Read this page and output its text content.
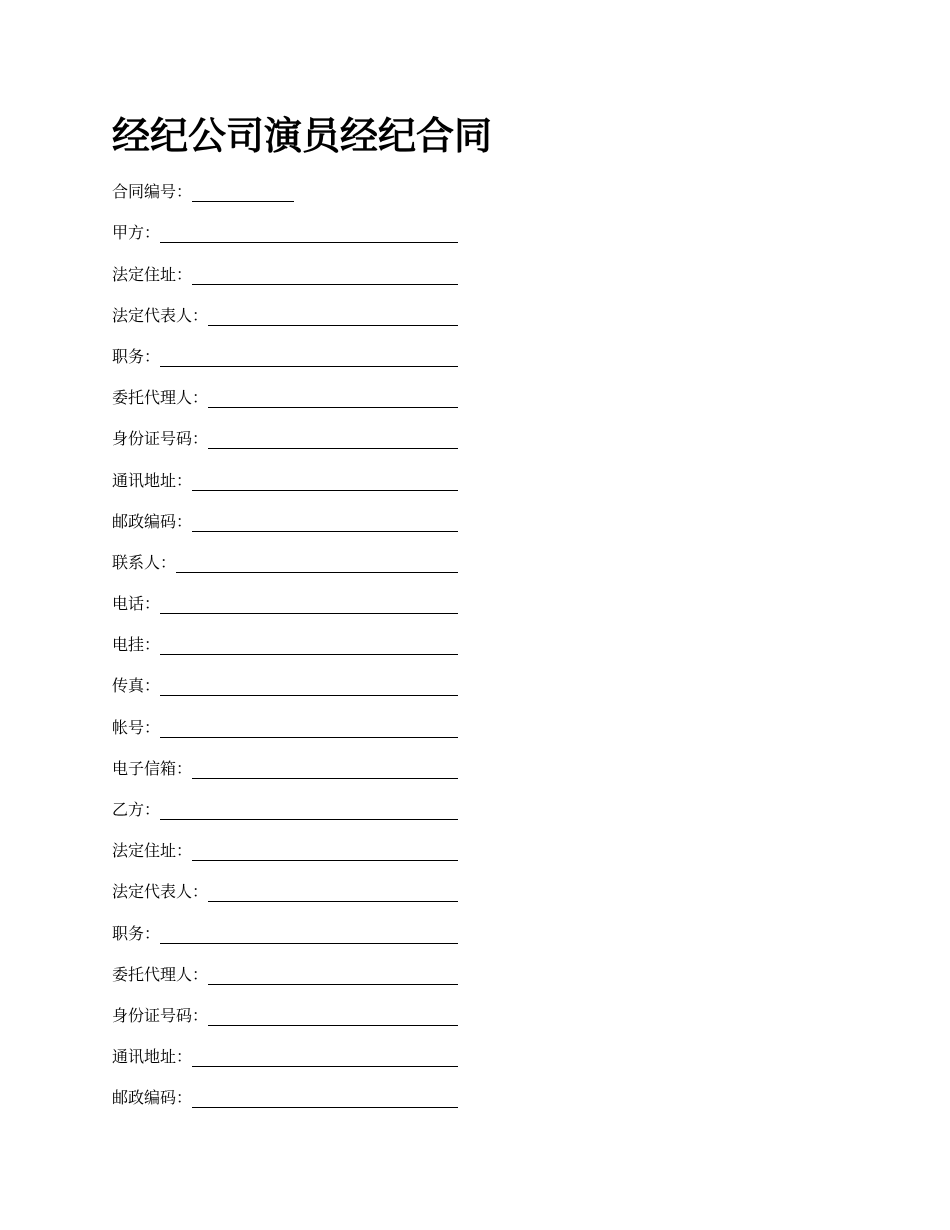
经纪公司演员经纪合同
合同编号：
甲方：
法定住址：
法定代表人：
职务：
委托代理人：
身份证号码：
通讯地址：
邮政编码：
联系人：
电话：
电挂：
传真：
帐号：
电子信箱：
乙方：
法定住址：
法定代表人：
职务：
委托代理人：
身份证号码：
通讯地址：
邮政编码：
